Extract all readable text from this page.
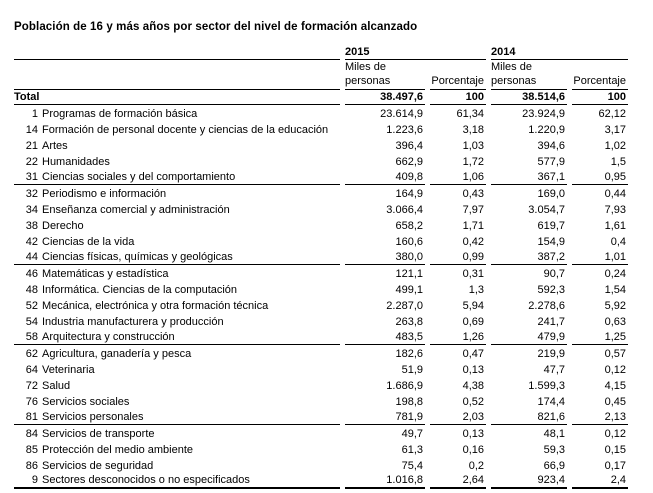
Población de 16 y más años por sector del nivel de formación alcanzado
	2015		2014	
	Miles de personas	Porcentaje	Miles de personas	Porcentaje
Total	38.497,6	100	38.514,6	100
1 Programas de formación básica	23.614,9	61,34	23.924,9	62,12
14 Formación de personal docente y ciencias de la educación	1.223,6	3,18	1.220,9	3,17
21 Artes	396,4	1,03	394,6	1,02
22 Humanidades	662,9	1,72	577,9	1,5
31 Ciencias sociales y del comportamiento	409,8	1,06	367,1	0,95
32 Periodismo e información	164,9	0,43	169,0	0,44
34 Enseñanza comercial y administración	3.066,4	7,97	3.054,7	7,93
38 Derecho	658,2	1,71	619,7	1,61
42 Ciencias de la vida	160,6	0,42	154,9	0,4
44 Ciencias físicas, químicas y geológicas	380,0	0,99	387,2	1,01
46 Matemáticas y estadística	121,1	0,31	90,7	0,24
48 Informática. Ciencias de la computación	499,1	1,3	592,3	1,54
52 Mecánica, electrónica y otra formación técnica	2.287,0	5,94	2.278,6	5,92
54 Industria manufacturera y producción	263,8	0,69	241,7	0,63
58 Arquitectura y construcción	483,5	1,26	479,9	1,25
62 Agricultura, ganadería y pesca	182,6	0,47	219,9	0,57
64 Veterinaria	51,9	0,13	47,7	0,12
72 Salud	1.686,9	4,38	1.599,3	4,15
76 Servicios sociales	198,8	0,52	174,4	0,45
81 Servicios personales	781,9	2,03	821,6	2,13
84 Servicios de transporte	49,7	0,13	48,1	0,12
85 Protección del medio ambiente	61,3	0,16	59,3	0,15
86 Servicios de seguridad	75,4	0,2	66,9	0,17
9 Sectores desconocidos o no especificados	1.016,8	2,64	923,4	2,4
